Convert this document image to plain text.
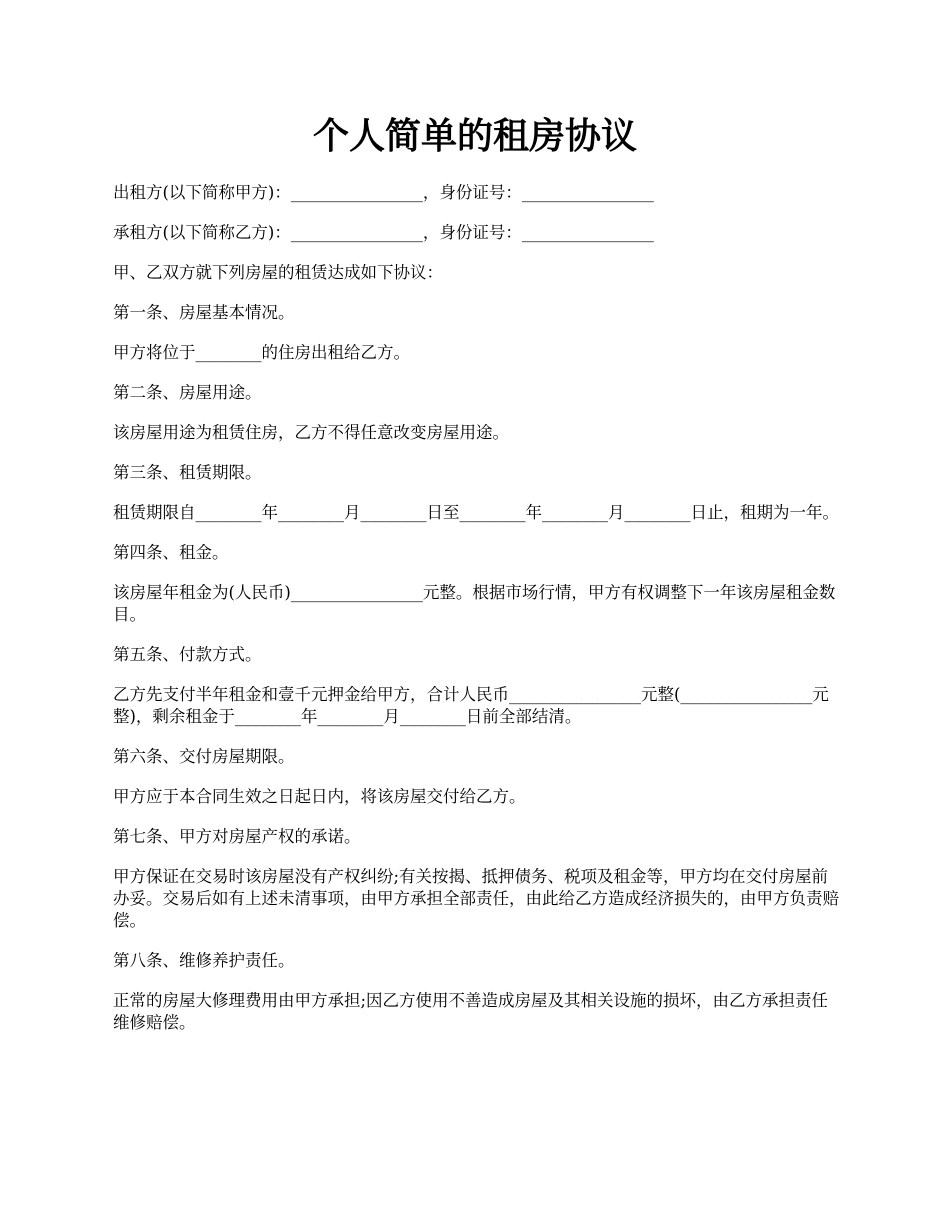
个人简单的租房协议

出租方(以下简称甲方)：________________，身份证号：________________

承租方(以下简称乙方)：________________，身份证号：________________

甲、乙双方就下列房屋的租赁达成如下协议：

第一条、房屋基本情况。

甲方将位于________的住房出租给乙方。

第二条、房屋用途。

该房屋用途为租赁住房，乙方不得任意改变房屋用途。

第三条、租赁期限。

租赁期限自________年________月________日至________年________月________日止，租期为一年。

第四条、租金。

该房屋年租金为(人民币)________________元整。根据市场行情，甲方有权调整下一年该房屋租金数目。

第五条、付款方式。

乙方先支付半年租金和壹千元押金给甲方，合计人民币________________元整(________________元整)，剩余租金于________年________月________日前全部结清。

第六条、交付房屋期限。

甲方应于本合同生效之日起日内，将该房屋交付给乙方。

第七条、甲方对房屋产权的承诺。

甲方保证在交易时该房屋没有产权纠纷;有关按揭、抵押债务、税项及租金等，甲方均在交付房屋前办妥。交易后如有上述未清事项，由甲方承担全部责任，由此给乙方造成经济损失的，由甲方负责赔偿。

第八条、维修养护责任。

正常的房屋大修理费用由甲方承担;因乙方使用不善造成房屋及其相关设施的损坏，由乙方承担责任维修赔偿。
